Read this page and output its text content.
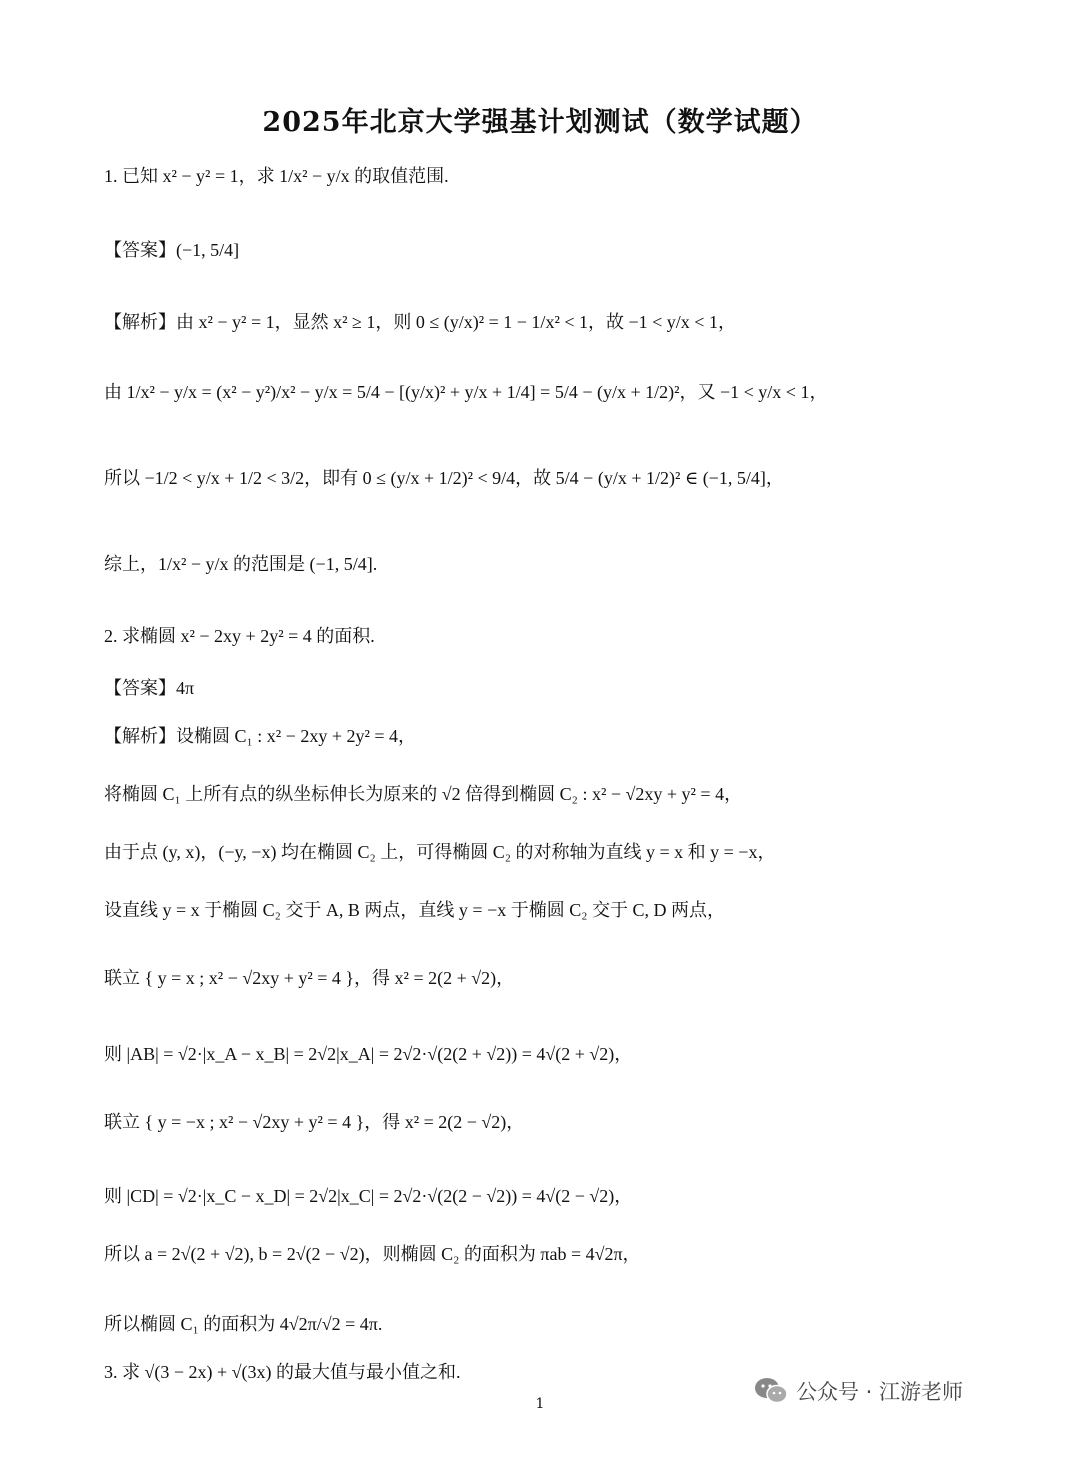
2025年北京大学强基计划测试（数学试题）
1. 已知 x² − y² = 1，求 1/x² − y/x 的取值范围.
【答案】(−1, 5/4]
【解析】由 x² − y² = 1，显然 x² ≥ 1，则 0 ≤ (y/x)² = 1 − 1/x² < 1，故 −1 < y/x < 1，
由 1/x² − y/x = (x² − y²)/x² − y/x = 5/4 − [(y/x)² + y/x + 1/4] = 5/4 − (y/x + 1/2)²，又 −1 < y/x < 1，
所以 −1/2 < y/x + 1/2 < 3/2，即有 0 ≤ (y/x + 1/2)² < 9/4，故 5/4 − (y/x + 1/2)² ∈ (−1, 5/4]，
综上，1/x² − y/x 的范围是 (−1, 5/4].
2. 求椭圆 x² − 2xy + 2y² = 4 的面积.
【答案】4π
【解析】设椭圆 C₁ : x² − 2xy + 2y² = 4，
将椭圆 C₁ 上所有点的纵坐标伸长为原来的 √2 倍得到椭圆 C₂ : x² − √2xy + y² = 4，
由于点 (y, x)，(−y, −x) 均在椭圆 C₂ 上，可得椭圆 C₂ 的对称轴为直线 y = x 和 y = −x，
设直线 y = x 于椭圆 C₂ 交于 A, B 两点，直线 y = −x 于椭圆 C₂ 交于 C, D 两点，
联立 { y = x ; x² − √2xy + y² = 4 }，得 x² = 2(2 + √2)，
则 |AB| = √2·|x_A − x_B| = 2√2|x_A| = 2√2·√(2(2 + √2)) = 4√(2 + √2)，
联立 { y = −x ; x² − √2xy + y² = 4 }，得 x² = 2(2 − √2)，
则 |CD| = √2·|x_C − x_D| = 2√2|x_C| = 2√2·√(2(2 − √2)) = 4√(2 − √2)，
所以 a = 2√(2 + √2), b = 2√(2 − √2)，则椭圆 C₂ 的面积为 πab = 4√2π，
所以椭圆 C₁ 的面积为 4√2π/√2 = 4π.
3. 求 √(3 − 2x) + √(3x) 的最大值与最小值之和.
1	公众号 · 江游老师
